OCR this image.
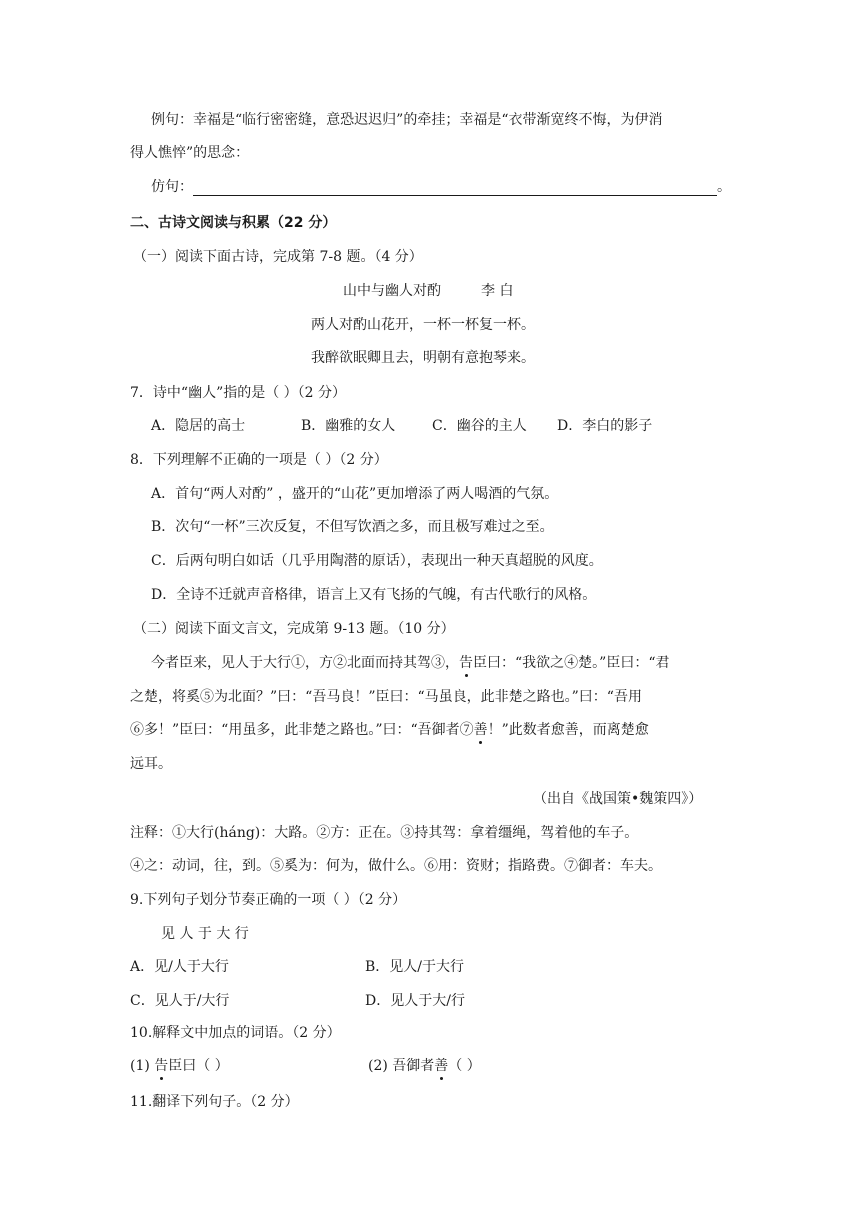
例句：幸福是“临行密密缝，意恐迟迟归”的牵挂；幸福是“衣带渐宽终不悔，为伊消
得人憔悴”的思念：
仿句：	。
二、古诗文阅读与积累（22 分）
（一）阅读下面古诗，完成第 7-8 题。（4 分）
山中与幽人对酌	李 白
两人对酌山花开，一杯一杯复一杯。
我醉欲眠卿且去，明朝有意抱琴来。
7．诗中“幽人”指的是（ ）（2 分）
A．隐居的高士	B．幽雅的女人	C．幽谷的主人 D．李白的影子
8．下列理解不正确的一项是（ ）（2 分）
A．首句“两人对酌” ，盛开的“山花”更加增添了两人喝酒的气氛。
B．次句“一杯”三次反复，不但写饮酒之多，而且极写难过之至。
C．后两句明白如话（几乎用陶潜的原话），表现出一种天真超脱的风度。
D．全诗不迁就声音格律，语言上又有飞扬的气魄，有古代歌行的风格。
（二）阅读下面文言文，完成第 9-13 题。（10 分）
今者臣来，见人于大行①，方②北面而持其驾③，告臣曰：“我欲之④楚。”臣曰：“君
之楚，将奚⑤为北面？”曰：“吾马良！”臣曰：“马虽良，此非楚之路也。”曰：“吾用
⑥多！”臣曰：“用虽多，此非楚之路也。”曰：“吾御者⑦善！”此数者愈善，而离楚愈
远耳。
（出自《战国策•魏策四》）
注释：①大行(háng)：大路。②方：正在。③持其驾：拿着缰绳，驾着他的车子。
④之：动词，往，到。⑤奚为：何为，做什么。⑥用：资财；指路费。⑦御者：车夫。
9.下列句子划分节奏正确的一项（ ）（2 分）
见 人 于 大 行
A．见/人于大行	B．见人/于大行
C．见人于/大行	D．见人于大/行
10.解释文中加点的词语。（2 分）
(1) 告臣曰（ ）	(2) 吾御者善（ ）
11.翻译下列句子。（2 分）
